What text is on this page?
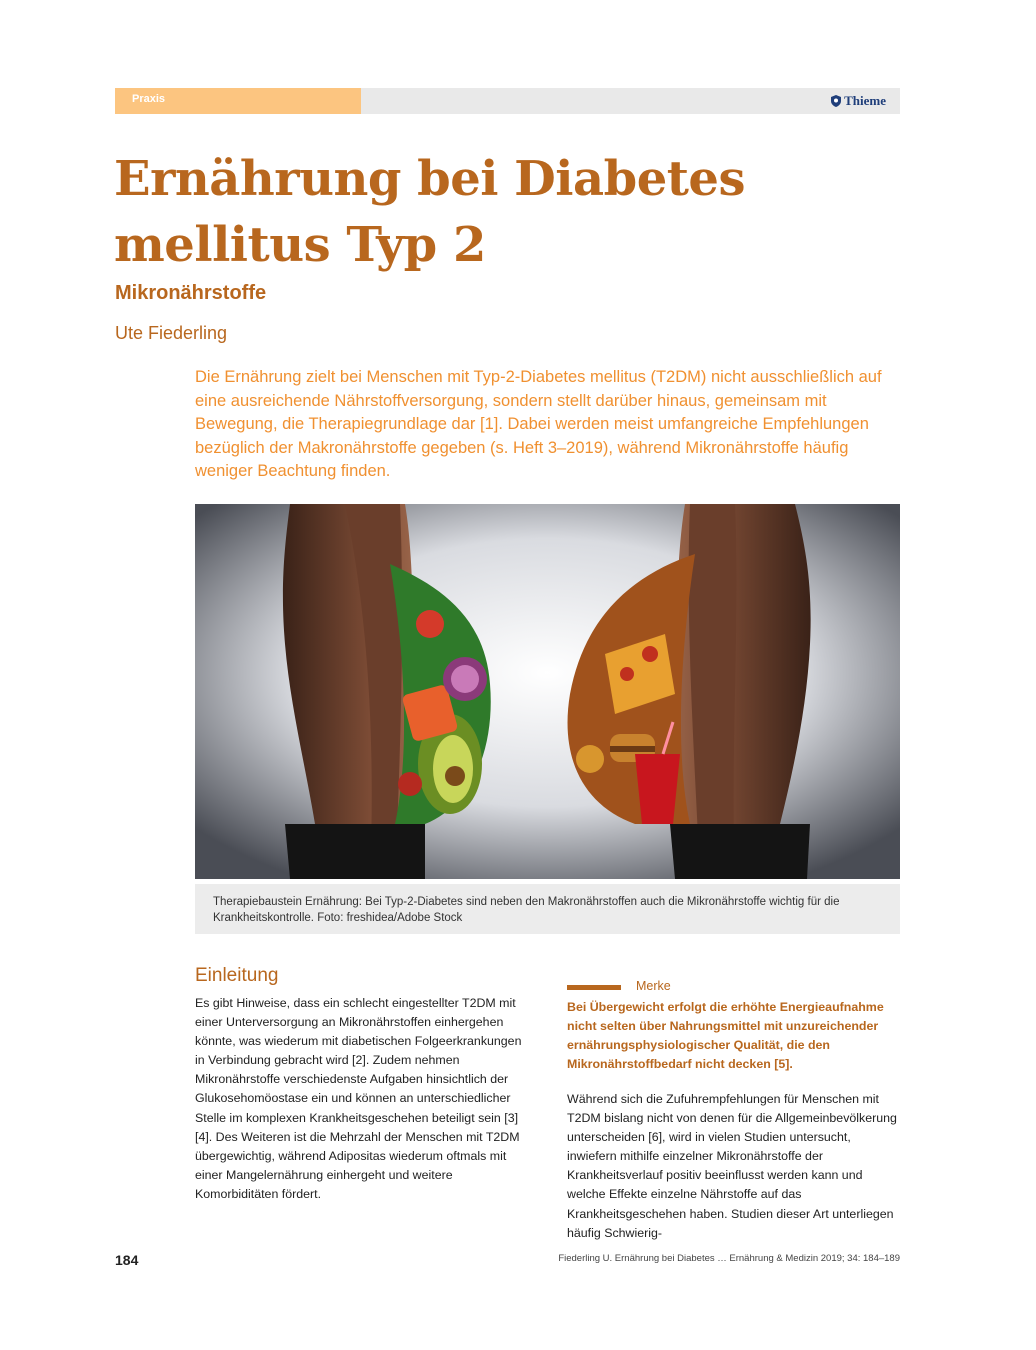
Praxis	Thieme
Ernährung bei Diabetes mellitus Typ 2
Mikronährstoffe
Ute Fiederling

Die Ernährung zielt bei Menschen mit Typ-2-Diabetes mellitus (T2DM) nicht ausschließlich auf eine ausreichende Nährstoffversorgung, sondern stellt darüber hinaus, gemeinsam mit Bewegung, die Therapiegrundlage dar [1]. Dabei werden meist umfangreiche Empfehlungen bezüglich der Makronährstoffe gegeben (s. Heft 3–2019), während Mikronährstoffe häufig weniger Beachtung finden.

Therapiebaustein Ernährung: Bei Typ-2-Diabetes sind neben den Makronährstoffen auch die Mikronährstoffe wichtig für die Krankheitskontrolle. Foto: freshidea/Adobe Stock
Einleitung

Es gibt Hinweise, dass ein schlecht eingestellter T2DM mit einer Unterversorgung an Mikronährstoffen einhergehen könnte, was wiederum mit diabetischen Folgeerkrankungen in Verbindung gebracht wird [2]. Zudem nehmen Mikronährstoffe verschiedenste Aufgaben hinsichtlich der Glukosehomöostase ein und können an unterschiedlicher Stelle im komplexen Krankheitsgeschehen beteiligt sein [3][4]. Des Weiteren ist die Mehrzahl der Menschen mit T2DM übergewichtig, während Adipositas wiederum oftmals mit einer Mangelernährung einhergeht und weitere Komorbiditäten fördert.

Merke

Bei Übergewicht erfolgt die erhöhte Energieaufnahme nicht selten über Nahrungsmittel mit unzureichender ernährungsphysiologischer Qualität, die den Mikronährstoffbedarf nicht decken [5].

Während sich die Zufuhrempfehlungen für Menschen mit T2DM bislang nicht von denen für die Allgemeinbevölkerung unterscheiden [6], wird in vielen Studien untersucht, inwiefern mithilfe einzelner Mikronährstoffe der Krankheitsverlauf positiv beeinflusst werden kann und welche Effekte einzelne Nährstoffe auf das Krankheitsgeschehen haben. Studien dieser Art unterliegen häufig Schwierig-

184	Fiederling U. Ernährung bei Diabetes … Ernährung & Medizin 2019; 34: 184–189
